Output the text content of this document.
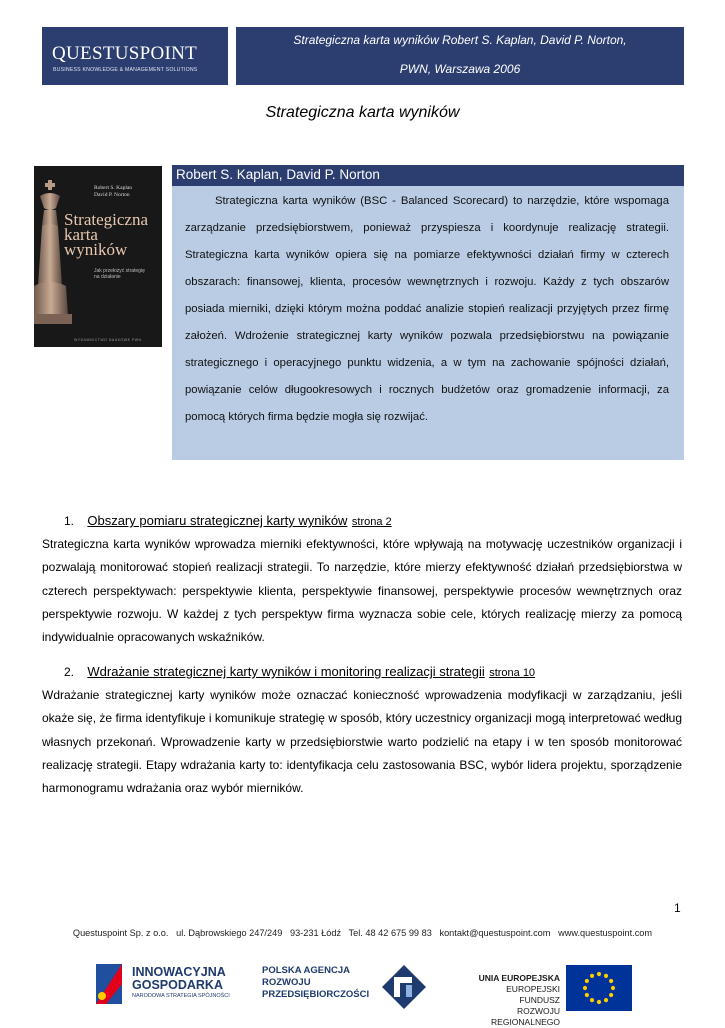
QUESTUSPOINT
BUSINESS KNOWLEDGE & MANAGEMENT SOLUTIONS
Strategiczna karta wyników Robert S. Kaplan, David P. Norton,
PWN, Warszawa 2006
Strategiczna karta wyników
Robert S. Kaplan
David P. Norton
Strategiczna
karta
wyników
Jak przełożyć strategię
na działanie
WYDAWNICTWO NAUKOWE PWN
Robert S. Kaplan, David P. Norton
Strategiczna karta wyników (BSC - Balanced Scorecard) to narzędzie, które wspomaga zarządzanie przedsiębiorstwem, ponieważ przyspiesza i koordynuje realizację strategii. Strategiczna karta wyników opiera się na pomiarze efektywności działań firmy w czterech obszarach: finansowej, klienta, procesów wewnętrznych i rozwoju. Każdy z tych obszarów posiada mierniki, dzięki którym można poddać analizie stopień realizacji przyjętych przez firmę założeń. Wdrożenie strategicznej karty wyników pozwala przedsiębiorstwu na powiązanie strategicznego i operacyjnego punktu widzenia, a w tym na zachowanie spójności działań, powiązanie celów długookresowych i rocznych budżetów oraz gromadzenie informacji, za pomocą których firma będzie mogła się rozwijać.
1. Obszary pomiaru strategicznej karty wyników strona 2
Strategiczna karta wyników wprowadza mierniki efektywności, które wpływają na motywację uczestników organizacji i pozwalają monitorować stopień realizacji strategii. To narzędzie, które mierzy efektywność działań przedsiębiorstwa w czterech perspektywach: perspektywie klienta, perspektywie finansowej, perspektywie procesów wewnętrznych oraz perspektywie rozwoju. W każdej z tych perspektyw firma wyznacza sobie cele, których realizację mierzy za pomocą indywidualnie opracowanych wskaźników.
2. Wdrażanie strategicznej karty wyników i monitoring realizacji strategii strona 10
Wdrażanie strategicznej karty wyników może oznaczać konieczność wprowadzenia modyfikacji w zarządzaniu, jeśli okaże się, że firma identyfikuje i komunikuje strategię w sposób, który uczestnicy organizacji mogą interpretować według własnych przekonań. Wprowadzenie karty w przedsiębiorstwie warto podzielić na etapy i w ten sposób monitorować realizację strategii. Etapy wdrażania karty to: identyfikacja celu zastosowania BSC, wybór lidera projektu, sporządzenie harmonogramu wdrażania oraz wybór mierników.
1
Questuspoint Sp. z o.o.   ul. Dąbrowskiego 247/249   93-231 Łódź   Tel. 48 42 675 99 83   kontakt@questuspoint.com   www.questuspoint.com
INNOWACYJNA
GOSPODARKA
NARODOWA STRATEGIA SPÓJNOŚCI
POLSKA AGENCJA
ROZWOJU
PRZEDSIĘBIORCZOŚCI
UNIA EUROPEJSKA
EUROPEJSKI FUNDUSZ
ROZWOJU REGIONALNEGO
